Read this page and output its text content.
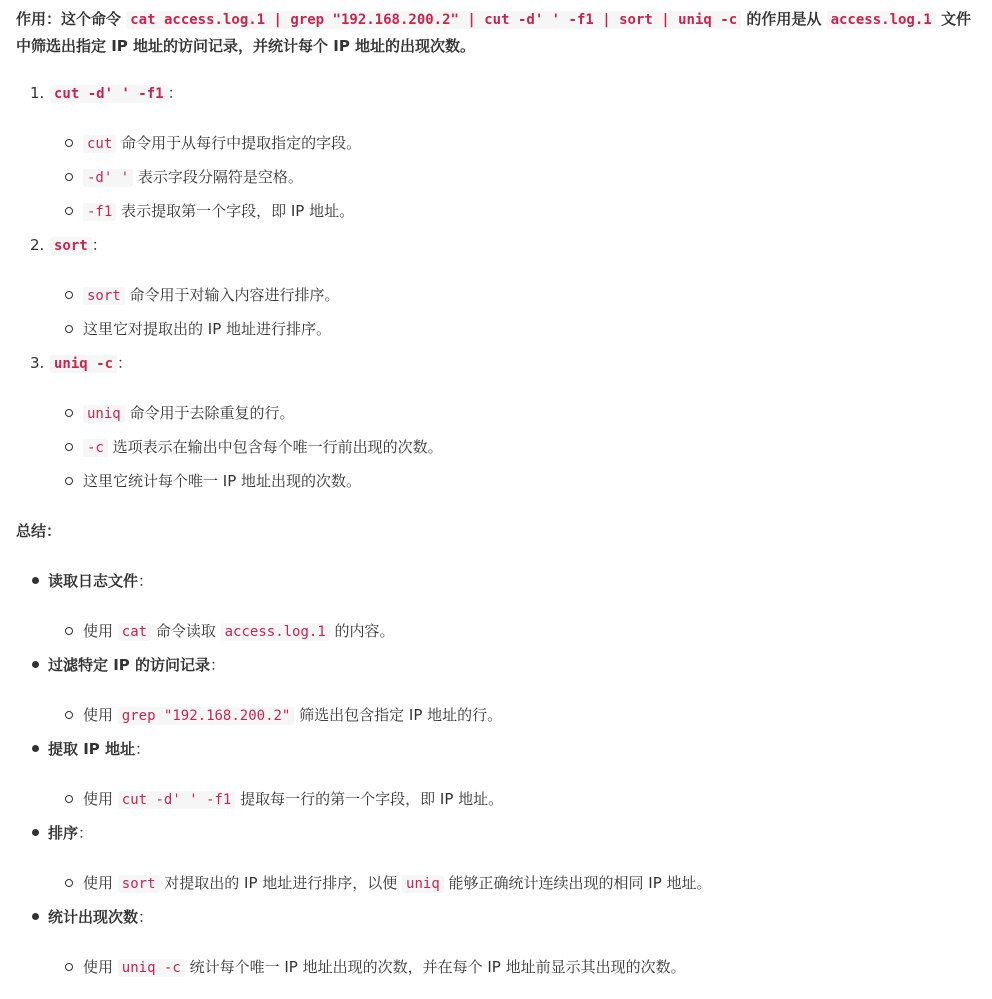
作用：这个命令 cat access.log.1 | grep "192.168.200.2" | cut -d' ' -f1 | sort | uniq -c 的作用是从 access.log.1 文件中筛选出指定 IP 地址的访问记录，并统计每个 IP 地址的出现次数。

1. cut -d' ' -f1 ：
cut 命令用于从每行中提取指定的字段。
-d' ' 表示字段分隔符是空格。
-f1 表示提取第一个字段，即 IP 地址。
2. sort ：
sort 命令用于对输入内容进行排序。
这里它对提取出的 IP 地址进行排序。
3. uniq -c ：
uniq 命令用于去除重复的行。
-c 选项表示在输出中包含每个唯一行前出现的次数。
这里它统计每个唯一 IP 地址出现的次数。
总结：
读取日志文件：
使用 cat 命令读取 access.log.1 的内容。
过滤特定 IP 的访问记录：
使用 grep "192.168.200.2" 筛选出包含指定 IP 地址的行。
提取 IP 地址：
使用 cut -d' ' -f1 提取每一行的第一个字段，即 IP 地址。
排序：
使用 sort 对提取出的 IP 地址进行排序，以便 uniq 能够正确统计连续出现的相同 IP 地址。
统计出现次数：
使用 uniq -c 统计每个唯一 IP 地址出现的次数，并在每个 IP 地址前显示其出现的次数。
